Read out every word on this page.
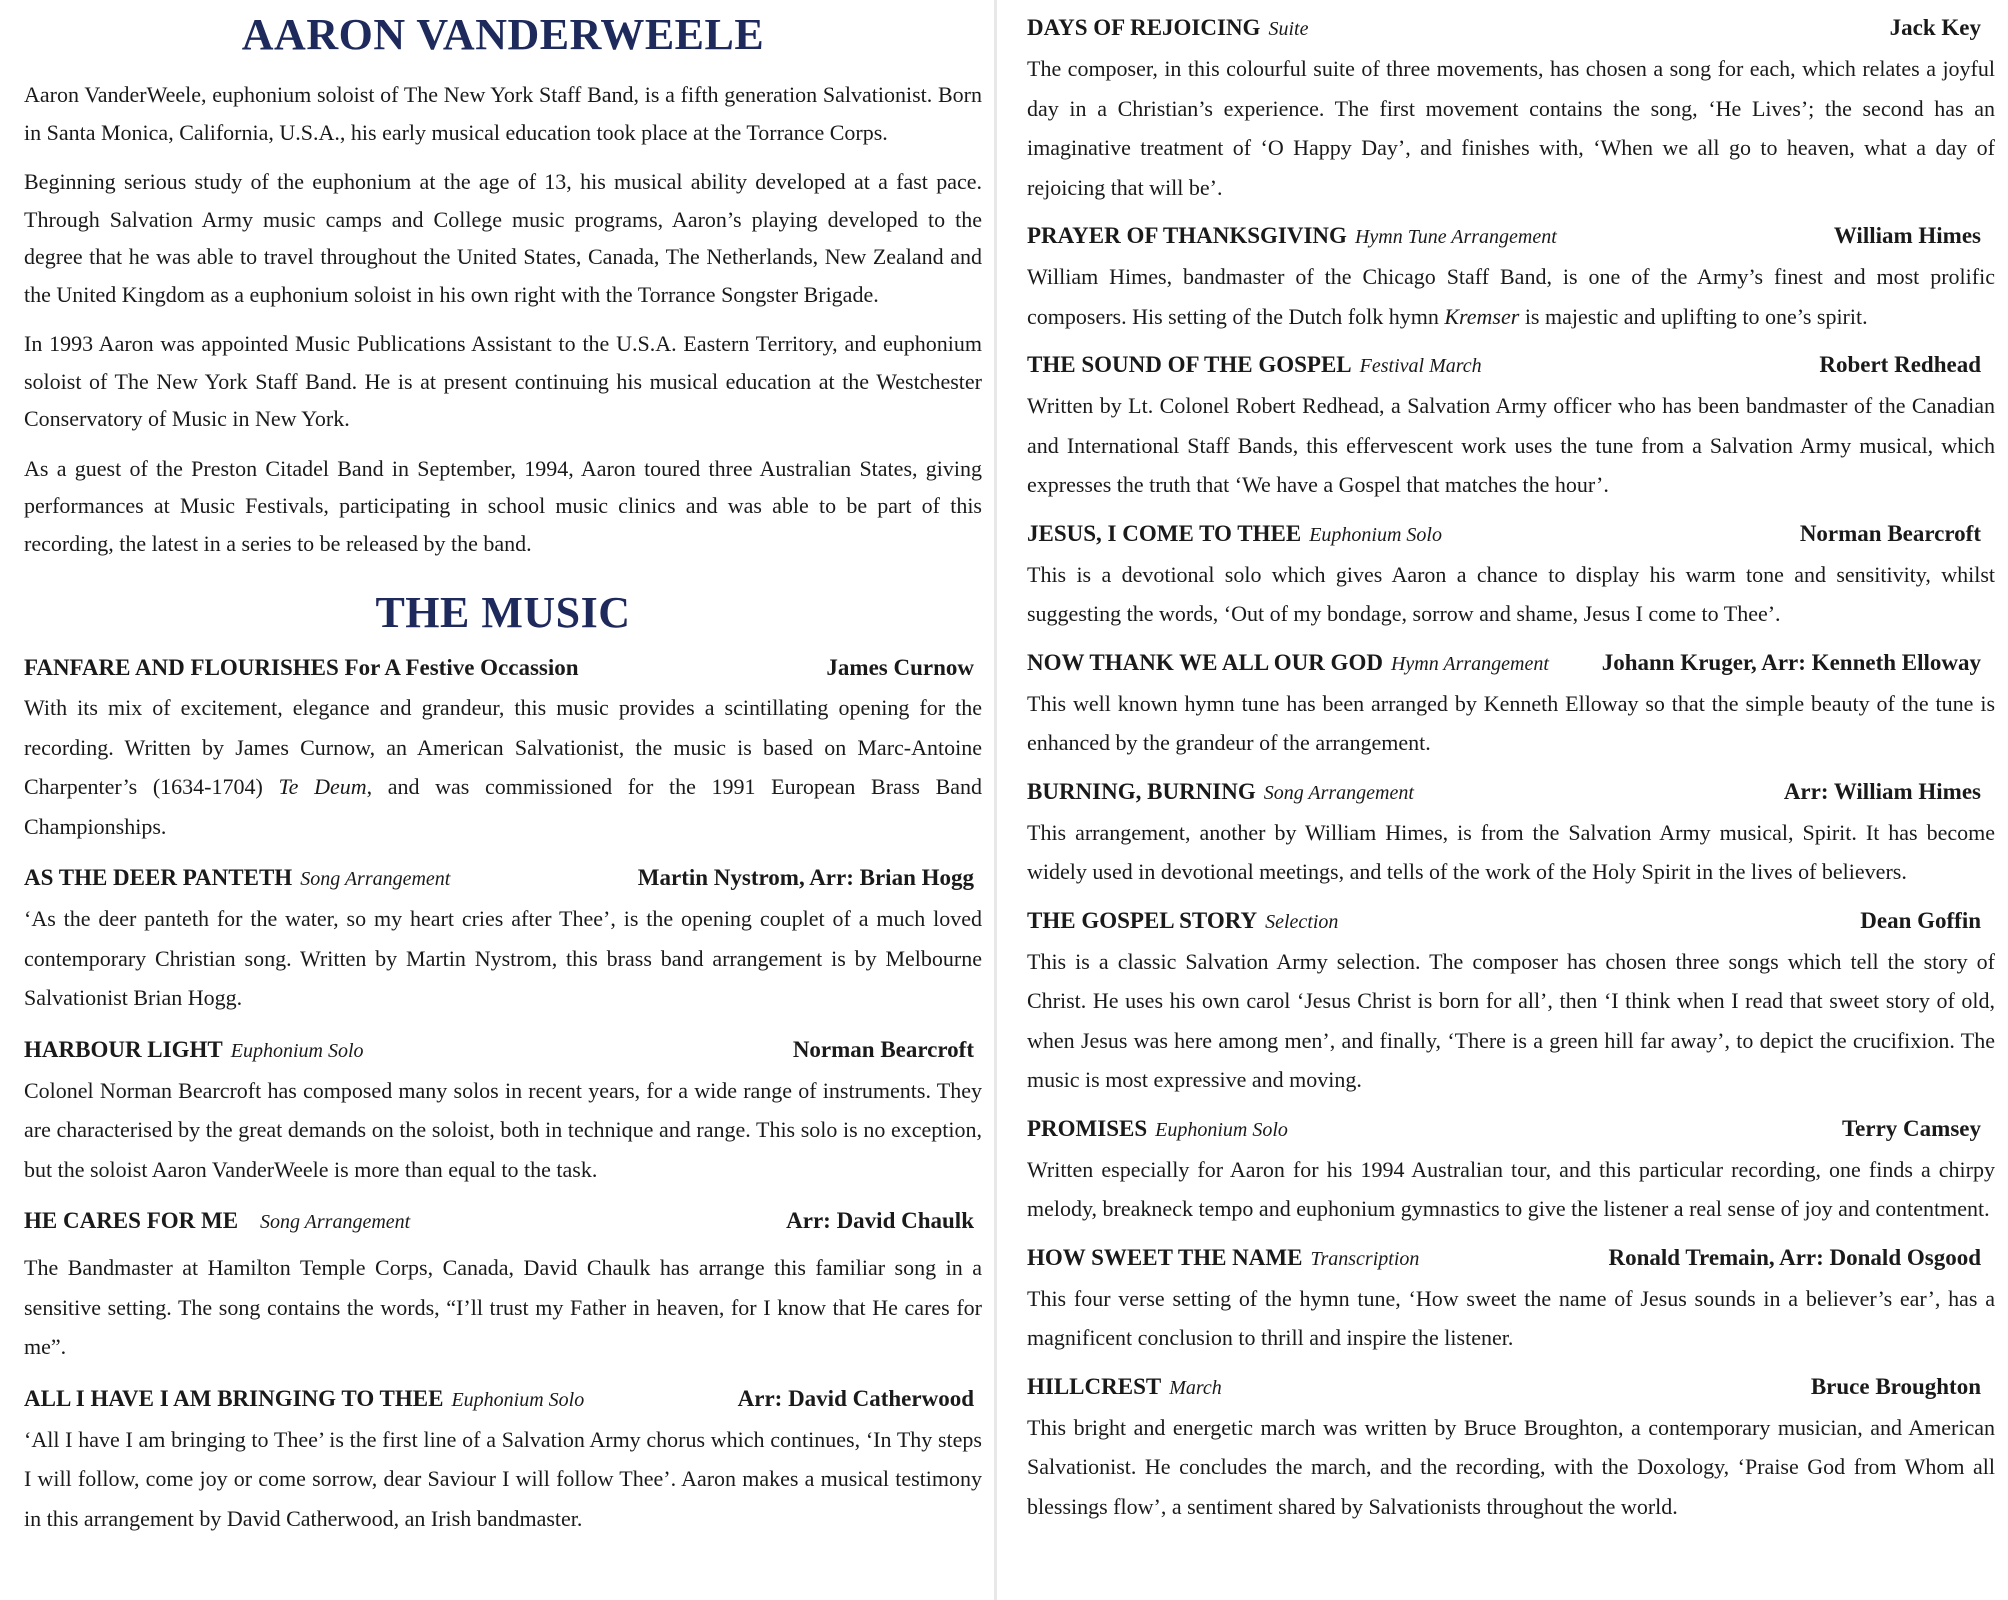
AARON VANDERWEELE

Aaron VanderWeele, euphonium soloist of The New York Staff Band, is a fifth generation Salvationist. Born in Santa Monica, California, U.S.A., his early musical education took place at the Torrance Corps.

Beginning serious study of the euphonium at the age of 13, his musical ability developed at a fast pace. Through Salvation Army music camps and College music programs, Aaron’s playing developed to the degree that he was able to travel throughout the United States, Canada, The Netherlands, New Zealand and the United Kingdom as a euphonium soloist in his own right with the Torrance Songster Brigade.

In 1993 Aaron was appointed Music Publications Assistant to the U.S.A. Eastern Territory, and euphonium soloist of The New York Staff Band. He is at present continuing his musical education at the Westchester Conservatory of Music in New York.

As a guest of the Preston Citadel Band in September, 1994, Aaron toured three Australian States, giving performances at Music Festivals, participating in school music clinics and was able to be part of this recording, the latest in a series to be released by the band.

THE MUSIC
FANFARE AND FLOURISHES For A Festive Occassion	James Curnow

With its mix of excitement, elegance and grandeur, this music provides a scintillating opening for the recording. Written by James Curnow, an American Salvationist, the music is based on Marc-Antoine Charpenter’s (1634-1704) Te Deum, and was commissioned for the 1991 European Brass Band Championships.

AS THE DEER PANTETH Song Arrangement	Martin Nystrom, Arr: Brian Hogg

‘As the deer panteth for the water, so my heart cries after Thee’, is the opening couplet of a much loved contemporary Christian song. Written by Martin Nystrom, this brass band arrangement is by Melbourne Salvationist Brian Hogg.

HARBOUR LIGHT Euphonium Solo	Norman Bearcroft

Colonel Norman Bearcroft has composed many solos in recent years, for a wide range of instruments. They are characterised by the great demands on the soloist, both in technique and range. This solo is no exception, but the soloist Aaron VanderWeele is more than equal to the task.

HE CARES FOR ME Song Arrangement	Arr: David Chaulk

The Bandmaster at Hamilton Temple Corps, Canada, David Chaulk has arrange this familiar song in a sensitive setting. The song contains the words, “I’ll trust my Father in heaven, for I know that He cares for me”.

ALL I HAVE I AM BRINGING TO THEE Euphonium Solo	Arr: David Catherwood

‘All I have I am bringing to Thee’ is the first line of a Salvation Army chorus which continues, ‘In Thy steps I will follow, come joy or come sorrow, dear Saviour I will follow Thee’. Aaron makes a musical testimony in this arrangement by David Catherwood, an Irish bandmaster.

DAYS OF REJOICING Suite	Jack Key

The composer, in this colourful suite of three movements, has chosen a song for each, which relates a joyful day in a Christian’s experience. The first movement contains the song, ‘He Lives’; the second has an imaginative treatment of ‘O Happy Day’, and finishes with, ‘When we all go to heaven, what a day of rejoicing that will be’.

PRAYER OF THANKSGIVING Hymn Tune Arrangement	William Himes

William Himes, bandmaster of the Chicago Staff Band, is one of the Army’s finest and most prolific composers. His setting of the Dutch folk hymn Kremser is majestic and uplifting to one’s spirit.

THE SOUND OF THE GOSPEL Festival March	Robert Redhead

Written by Lt. Colonel Robert Redhead, a Salvation Army officer who has been bandmaster of the Canadian and International Staff Bands, this effervescent work uses the tune from a Salvation Army musical, which expresses the truth that ‘We have a Gospel that matches the hour’.

JESUS, I COME TO THEE Euphonium Solo	Norman Bearcroft

This is a devotional solo which gives Aaron a chance to display his warm tone and sensitivity, whilst suggesting the words, ‘Out of my bondage, sorrow and shame, Jesus I come to Thee’.

NOW THANK WE ALL OUR GOD Hymn Arrangement Johann Kruger, Arr: Kenneth Elloway

This well known hymn tune has been arranged by Kenneth Elloway so that the simple beauty of the tune is enhanced by the grandeur of the arrangement.

BURNING, BURNING Song Arrangement	Arr: William Himes

This arrangement, another by William Himes, is from the Salvation Army musical, Spirit. It has become widely used in devotional meetings, and tells of the work of the Holy Spirit in the lives of believers.

THE GOSPEL STORY Selection	Dean Goffin

This is a classic Salvation Army selection. The composer has chosen three songs which tell the story of Christ. He uses his own carol ‘Jesus Christ is born for all’, then ‘I think when I read that sweet story of old, when Jesus was here among men’, and finally, ‘There is a green hill far away’, to depict the crucifixion. The music is most expressive and moving.

PROMISES Euphonium Solo	Terry Camsey

Written especially for Aaron for his 1994 Australian tour, and this particular recording, one finds a chirpy melody, breakneck tempo and euphonium gymnastics to give the listener a real sense of joy and contentment.

HOW SWEET THE NAME Transcription	Ronald Tremain, Arr: Donald Osgood

This four verse setting of the hymn tune, ‘How sweet the name of Jesus sounds in a believer’s ear’, has a magnificent conclusion to thrill and inspire the listener.

HILLCREST March	Bruce Broughton

This bright and energetic march was written by Bruce Broughton, a contemporary musician, and American Salvationist. He concludes the march, and the recording, with the Doxology, ‘Praise God from Whom all blessings flow’, a sentiment shared by Salvationists throughout the world.
